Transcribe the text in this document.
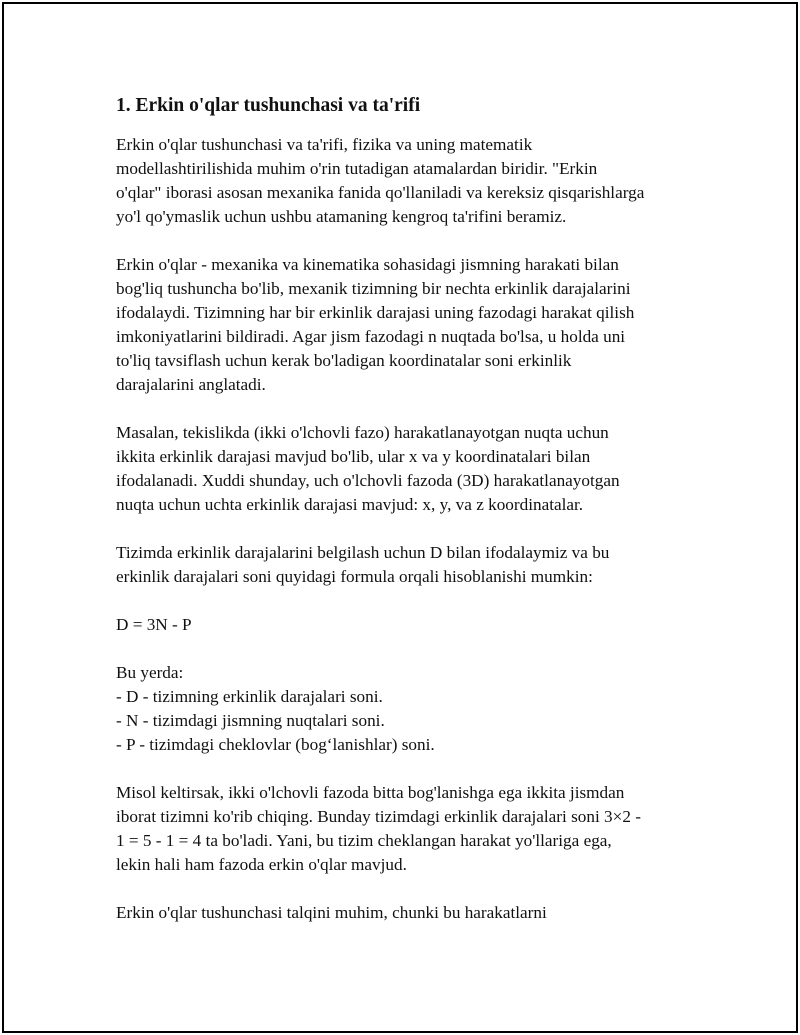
1. Erkin o'qlar tushunchasi va ta'rifi
Erkin o'qlar tushunchasi va ta'rifi, fizika va uning matematik
modellashtirilishida muhim o'rin tutadigan atamalardan biridir. "Erkin
o'qlar" iborasi asosan mexanika fanida qo'llaniladi va kereksiz qisqarishlarga
yo'l qo'ymaslik uchun ushbu atamaning kengroq ta'rifini beramiz.
Erkin o'qlar - mexanika va kinematika sohasidagi jismning harakati bilan
bog'liq tushuncha bo'lib, mexanik tizimning bir nechta erkinlik darajalarini
ifodalaydi. Tizimning har bir erkinlik darajasi uning fazodagi harakat qilish
imkoniyatlarini bildiradi. Agar jism fazodagi n nuqtada bo'lsa, u holda uni
to'liq tavsiflash uchun kerak bo'ladigan koordinatalar soni erkinlik
darajalarini anglatadi.
Masalan, tekislikda (ikki o'lchovli fazo) harakatlanayotgan nuqta uchun
ikkita erkinlik darajasi mavjud bo'lib, ular x va y koordinatalari bilan
ifodalanadi. Xuddi shunday, uch o'lchovli fazoda (3D) harakatlanayotgan
nuqta uchun uchta erkinlik darajasi mavjud: x, y, va z koordinatalar.
Tizimda erkinlik darajalarini belgilash uchun D bilan ifodalaymiz va bu
erkinlik darajalari soni quyidagi formula orqali hisoblanishi mumkin:
D = 3N - P
Bu yerda:
- D - tizimning erkinlik darajalari soni.
- N - tizimdagi jismning nuqtalari soni.
- P - tizimdagi cheklovlar (bog‘lanishlar) soni.
Misol keltirsak, ikki o'lchovli fazoda bitta bog'lanishga ega ikkita jismdan
iborat tizimni ko'rib chiqing. Bunday tizimdagi erkinlik darajalari soni 3×2 -
1 = 5 - 1 = 4 ta bo'ladi. Yani, bu tizim cheklangan harakat yo'llariga ega,
lekin hali ham fazoda erkin o'qlar mavjud.
Erkin o'qlar tushunchasi talqini muhim, chunki bu harakatlarni
